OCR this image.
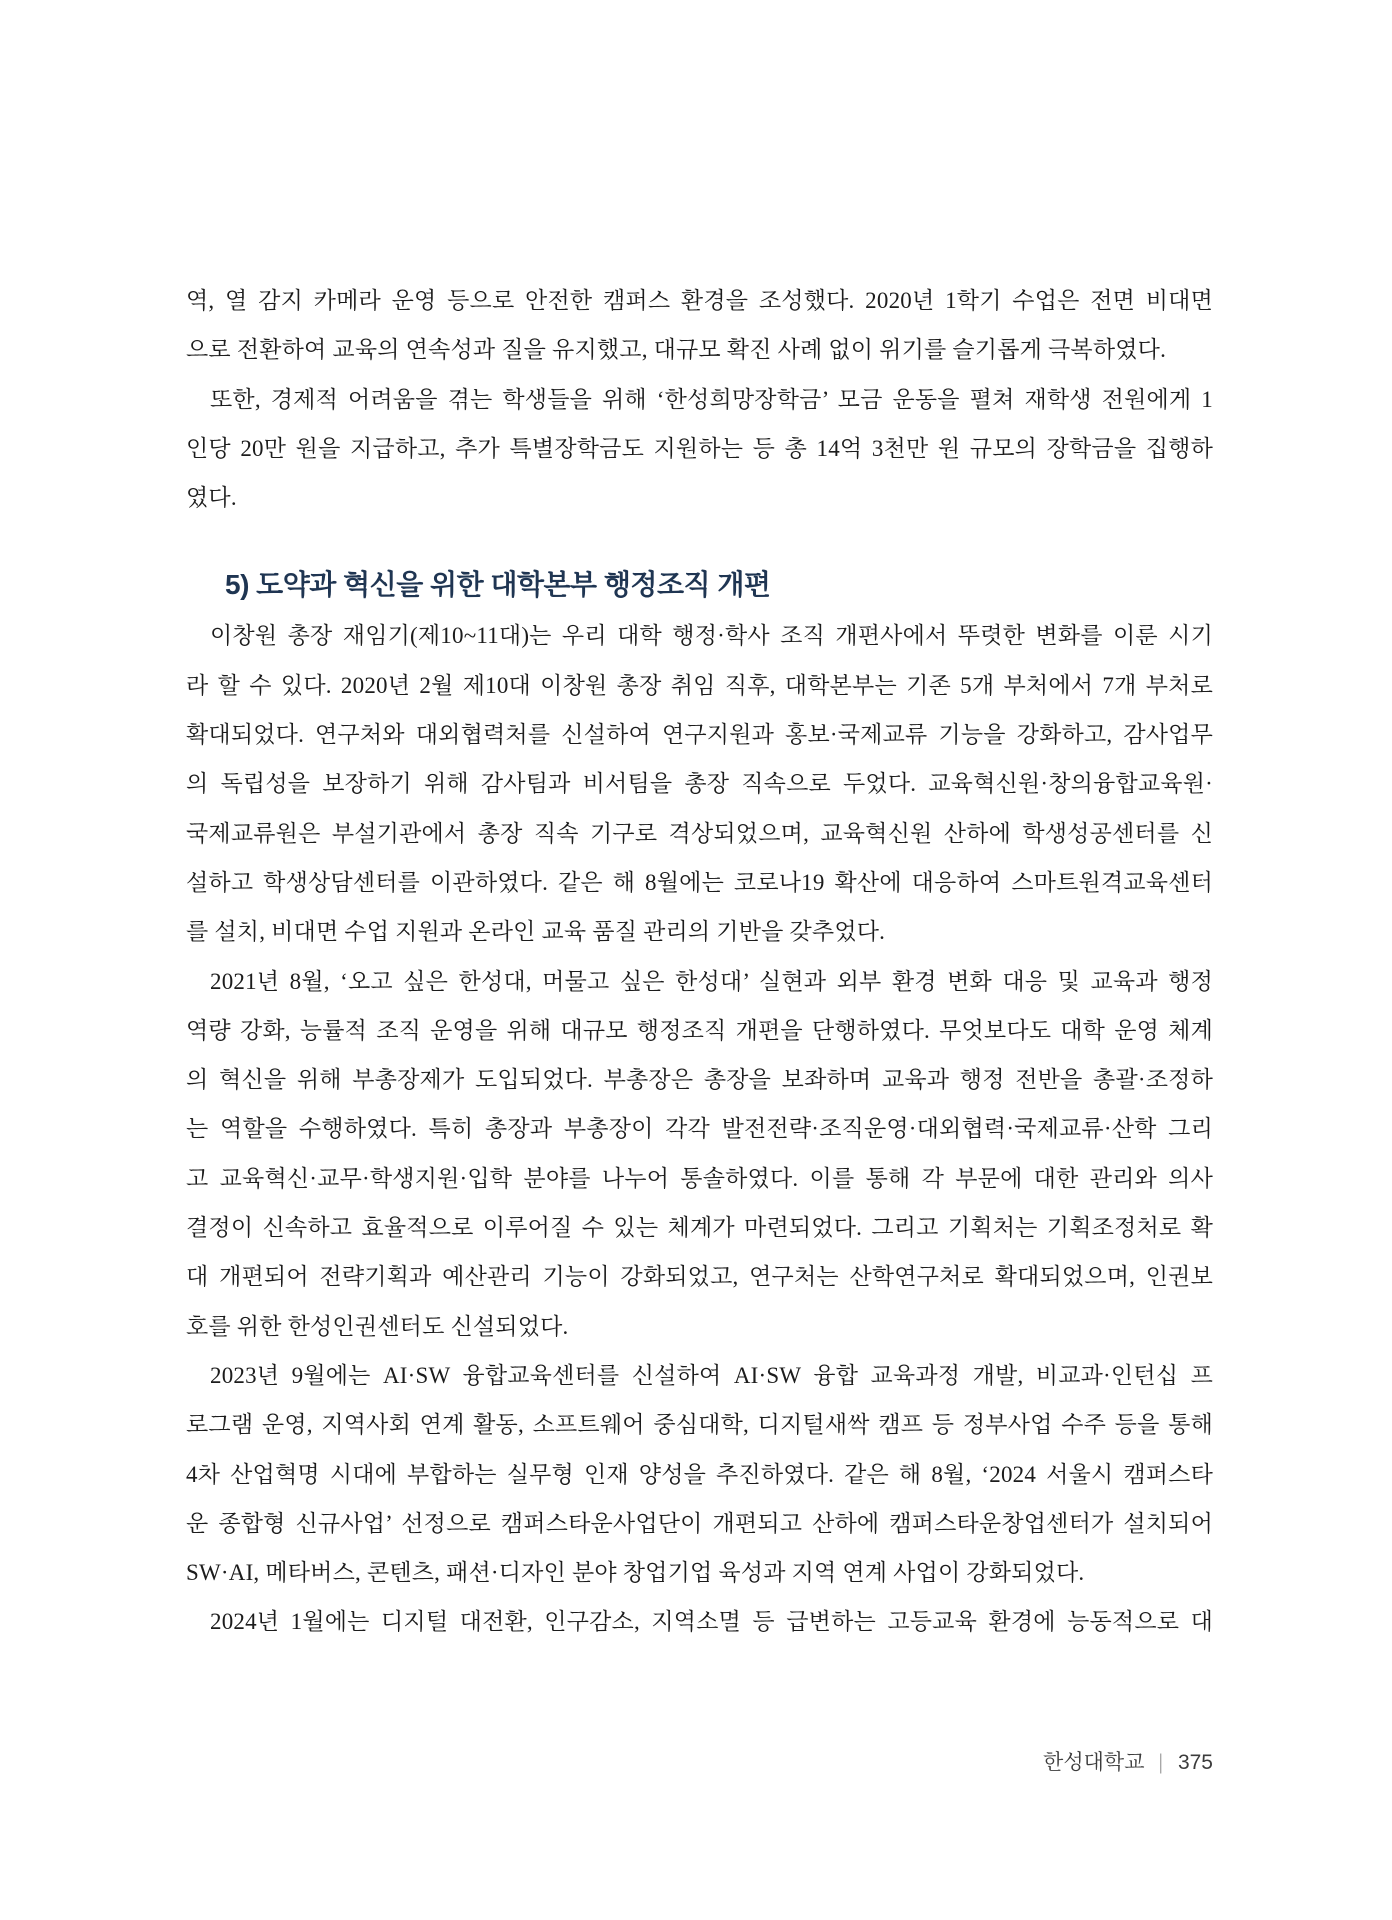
역, 열 감지 카메라 운영 등으로 안전한 캠퍼스 환경을 조성했다. 2020년 1학기 수업은 전면 비대면
으로 전환하여 교육의 연속성과 질을 유지했고, 대규모 확진 사례 없이 위기를 슬기롭게 극복하였다.
또한, 경제적 어려움을 겪는 학생들을 위해 ‘한성희망장학금’ 모금 운동을 펼쳐 재학생 전원에게 1
인당 20만 원을 지급하고, 추가 특별장학금도 지원하는 등 총 14억 3천만 원 규모의 장학금을 집행하
였다.
5) 도약과 혁신을 위한 대학본부 행정조직 개편
이창원 총장 재임기(제10~11대)는 우리 대학 행정·학사 조직 개편사에서 뚜렷한 변화를 이룬 시기
라 할 수 있다. 2020년 2월 제10대 이창원 총장 취임 직후, 대학본부는 기존 5개 부처에서 7개 부처로
확대되었다. 연구처와 대외협력처를 신설하여 연구지원과 홍보·국제교류 기능을 강화하고, 감사업무
의 독립성을 보장하기 위해 감사팀과 비서팀을 총장 직속으로 두었다. 교육혁신원·창의융합교육원·
국제교류원은 부설기관에서 총장 직속 기구로 격상되었으며, 교육혁신원 산하에 학생성공센터를 신
설하고 학생상담센터를 이관하였다. 같은 해 8월에는 코로나19 확산에 대응하여 스마트원격교육센터
를 설치, 비대면 수업 지원과 온라인 교육 품질 관리의 기반을 갖추었다.
2021년 8월, ‘오고 싶은 한성대, 머물고 싶은 한성대’ 실현과 외부 환경 변화 대응 및 교육과 행정
역량 강화, 능률적 조직 운영을 위해 대규모 행정조직 개편을 단행하였다. 무엇보다도 대학 운영 체계
의 혁신을 위해 부총장제가 도입되었다. 부총장은 총장을 보좌하며 교육과 행정 전반을 총괄·조정하
는 역할을 수행하였다. 특히 총장과 부총장이 각각 발전전략·조직운영·대외협력·국제교류·산학 그리
고 교육혁신·교무·학생지원·입학 분야를 나누어 통솔하였다. 이를 통해 각 부문에 대한 관리와 의사
결정이 신속하고 효율적으로 이루어질 수 있는 체계가 마련되었다. 그리고 기획처는 기획조정처로 확
대 개편되어 전략기획과 예산관리 기능이 강화되었고, 연구처는 산학연구처로 확대되었으며, 인권보
호를 위한 한성인권센터도 신설되었다.
2023년 9월에는 AI·SW 융합교육센터를 신설하여 AI·SW 융합 교육과정 개발, 비교과·인턴십 프
로그램 운영, 지역사회 연계 활동, 소프트웨어 중심대학, 디지털새싹 캠프 등 정부사업 수주 등을 통해
4차 산업혁명 시대에 부합하는 실무형 인재 양성을 추진하였다. 같은 해 8월, ‘2024 서울시 캠퍼스타
운 종합형 신규사업’ 선정으로 캠퍼스타운사업단이 개편되고 산하에 캠퍼스타운창업센터가 설치되어
SW·AI, 메타버스, 콘텐츠, 패션·디자인 분야 창업기업 육성과 지역 연계 사업이 강화되었다.
2024년 1월에는 디지털 대전환, 인구감소, 지역소멸 등 급변하는 고등교육 환경에 능동적으로 대
한성대학교 | 375
